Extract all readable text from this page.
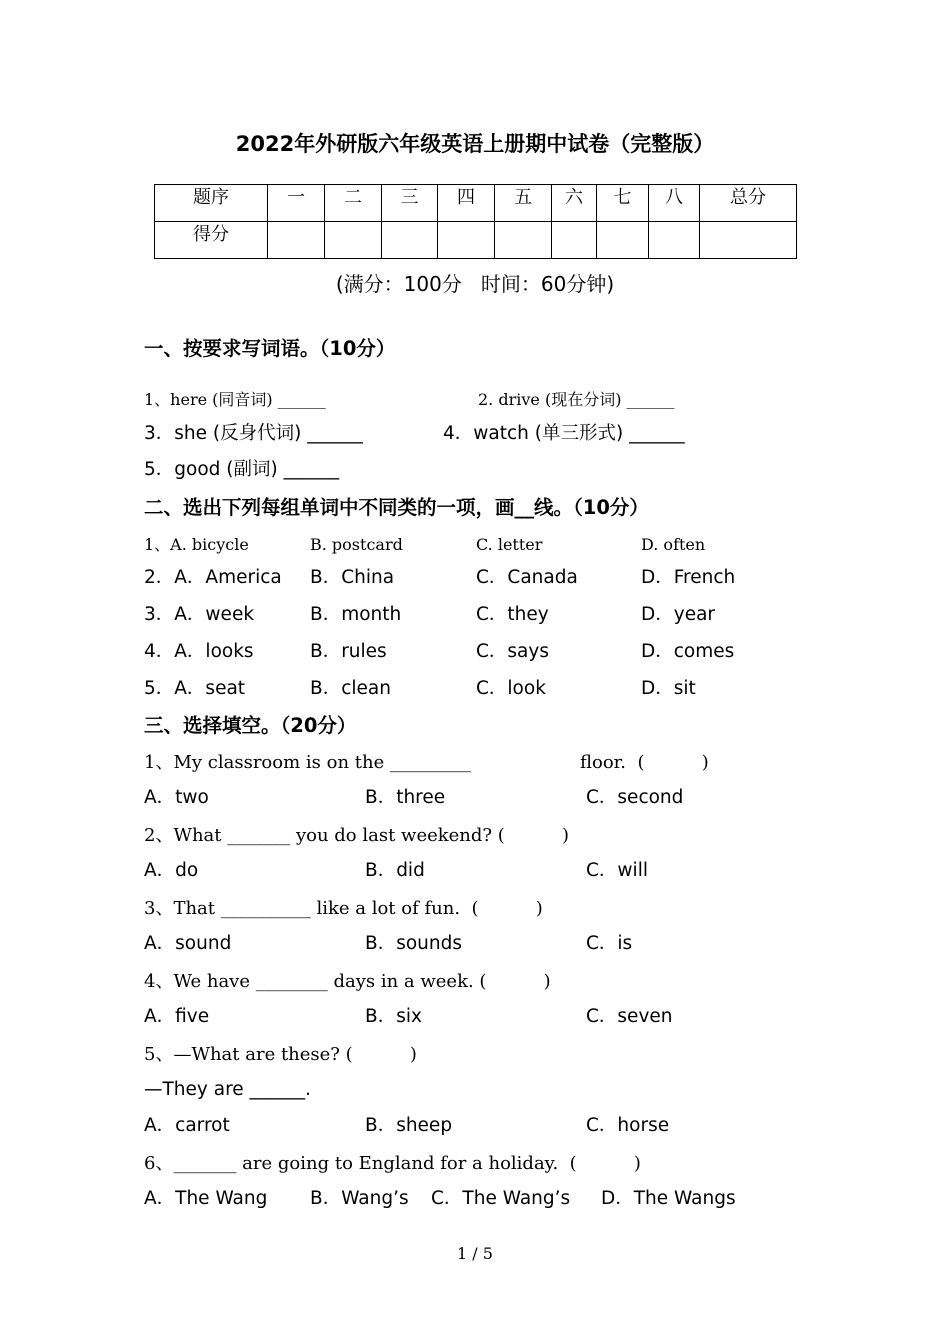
2022年外研版六年级英语上册期中试卷（完整版）
题序	一	二	三	四	五	六	七	八	总分
得分									
(满分：100分   时间：60分钟)
一、按要求写词语。（10分）
1、here (同音词) ______	2. drive (现在分词) ______
3．she (反身代词) ______	4．watch (单三形式) ______
5．good (副词) ______
二、选出下列每组单词中不同类的一项，画__线。（10分）
1、A. bicycle	B. postcard	C. letter	D. often
2．A．America B．China	C．Canada	D．French
3．A．week	B．month	C．they	D．year
4．A．looks	B．rules	C．says	D．comes
5．A．seat	B．clean	C．look	D．sit
三、选择填空。（20分）
1、My classroom is on the _________	floor.  (          )
A．two	B．three	C．second
2、What _______ you do last weekend? (          )
A．do	B．did	C．will
3、That __________ like a lot of fun.  (          )
A．sound	B．sounds	C．is
4、We have ________ days in a week. (          )
A．five	B．six	C．seven
5、—What are these? (          )
—They are ______.
A．carrot	B．sheep	C．horse
6、_______ are going to England for a holiday.  (          )
A．The Wang B．Wang’s C．The Wang’s D．The Wangs
1 / 5
